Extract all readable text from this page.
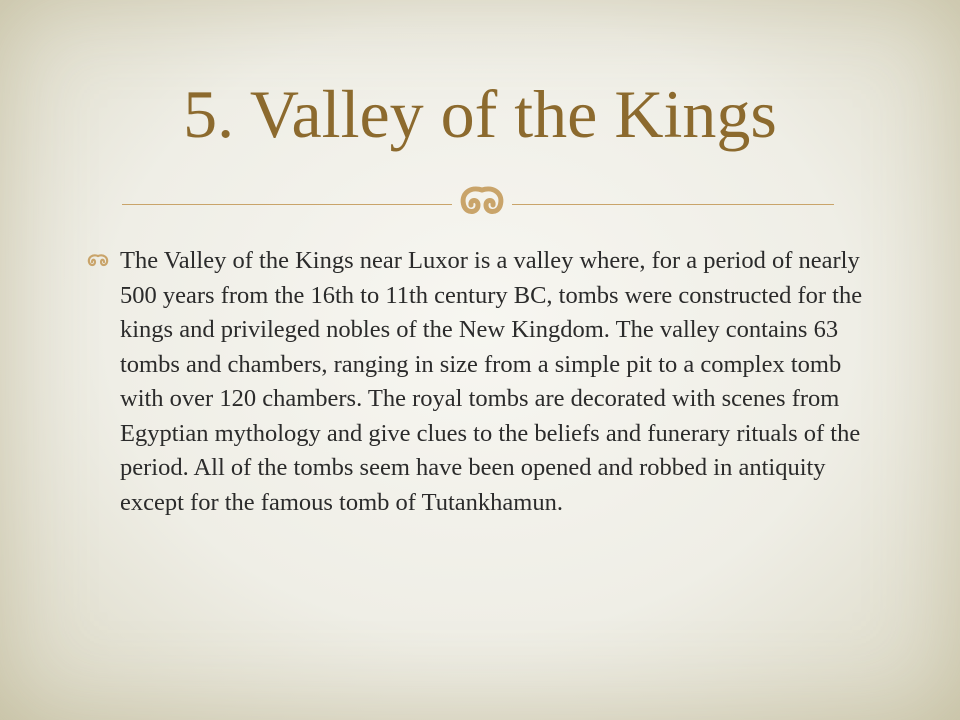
5. Valley of the Kings
The Valley of the Kings near Luxor is a valley where, for a period of nearly 500 years from the 16th to 11th century BC, tombs were constructed for the kings and privileged nobles of the New Kingdom. The valley contains 63 tombs and chambers, ranging in size from a simple pit to a complex tomb with over 120 chambers. The royal tombs are decorated with scenes from Egyptian mythology and give clues to the beliefs and funerary rituals of the period. All of the tombs seem have been opened and robbed in antiquity except for the famous tomb of Tutankhamun.
